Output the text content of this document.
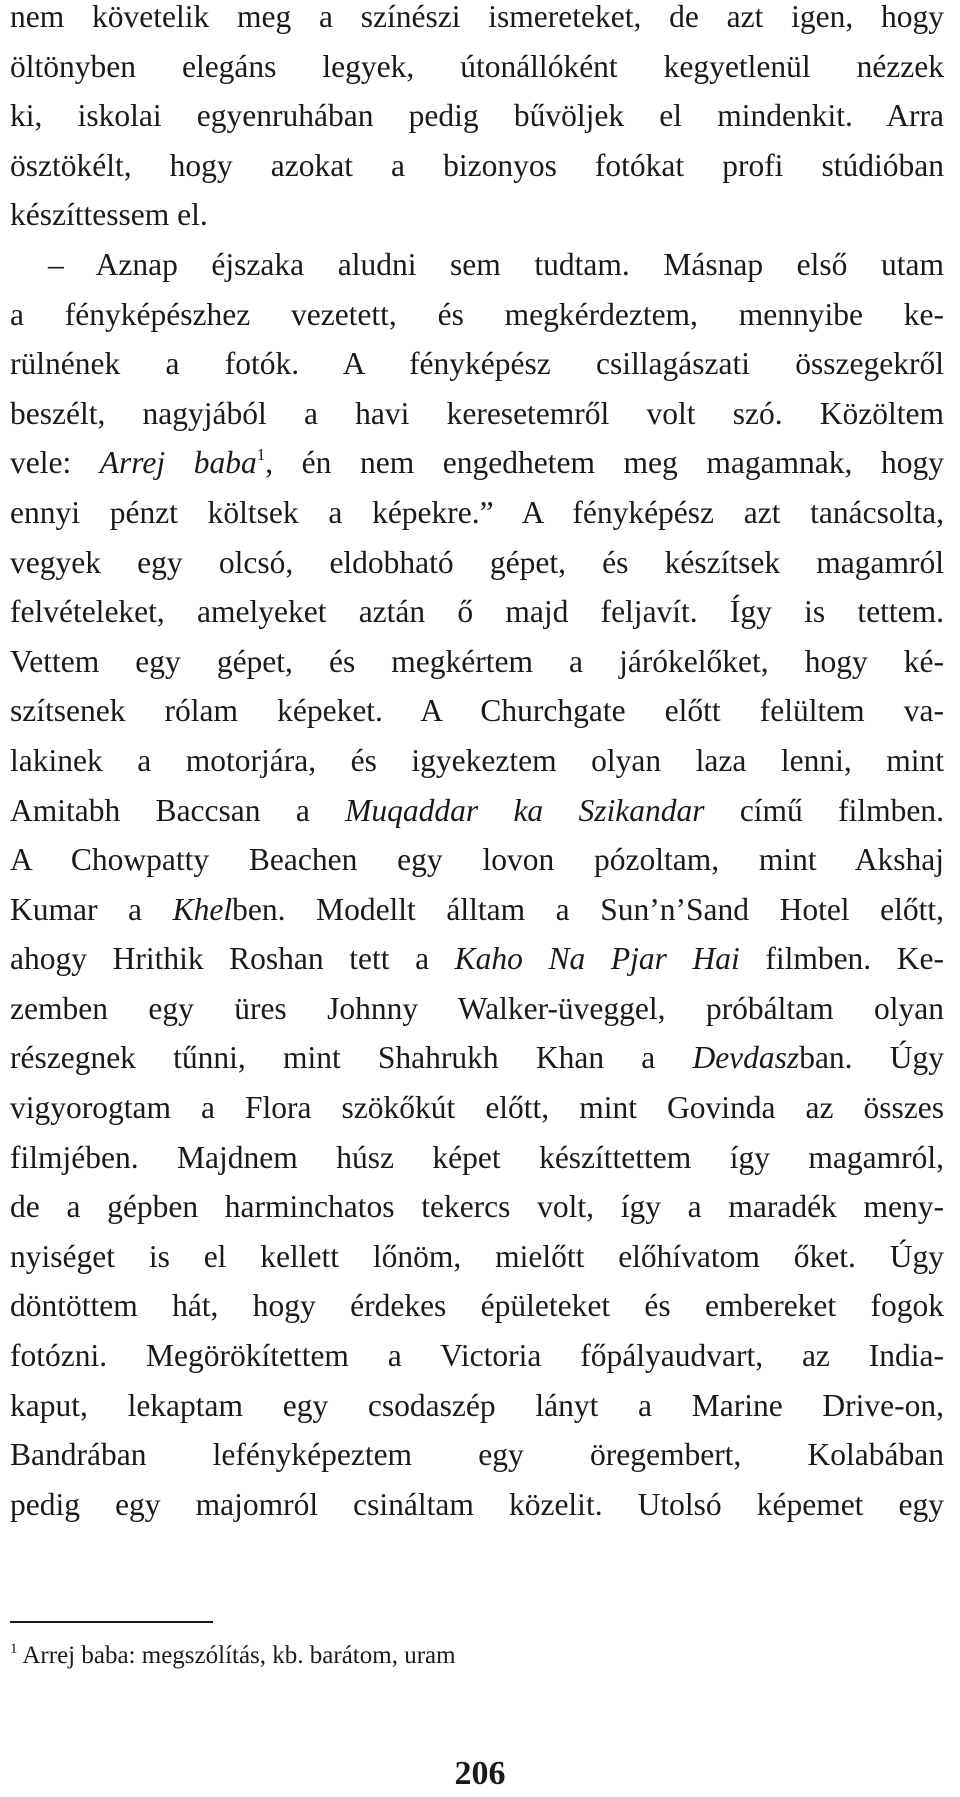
nem követelik meg a színészi ismereteket, de azt igen, hogy
öltönyben elegáns legyek, útonállóként kegyetlenül nézzek
ki, iskolai egyenruhában pedig bűvöljek el mindenkit. Arra
ösztökélt, hogy azokat a bizonyos fotókat profi stúdióban
készíttessem el.
– Aznap éjszaka aludni sem tudtam. Másnap első utam
a fényképészhez vezetett, és megkérdeztem, mennyibe ke-
rülnének a fotók. A fényképész csillagászati összegekről
beszélt, nagyjából a havi keresetemről volt szó. Közöltem
vele: Arrej baba$^1$, én nem engedhetem meg magamnak, hogy
ennyi pénzt költsek a képekre.” A fényképész azt tanácsolta,
vegyek egy olcsó, eldobható gépet, és készítsek magamról
felvételeket, amelyeket aztán ő majd feljavít. Így is tettem.
Vettem egy gépet, és megkértem a járókelőket, hogy ké-
szítsenek rólam képeket. A Churchgate előtt felültem va-
lakinek a motorjára, és igyekeztem olyan laza lenni, mint
Amitabh Baccsan a Muqaddar ka Szikandar című filmben.
A Chowpatty Beachen egy lovon pózoltam, mint Akshaj
Kumar a Khelben. Modellt álltam a Sun’n’Sand Hotel előtt,
ahogy Hrithik Roshan tett a Kaho Na Pjar Hai filmben. Ke-
zemben egy üres Johnny Walker-üveggel, próbáltam olyan
részegnek tűnni, mint Shahrukh Khan a Devdaszban. Úgy
vigyorogtam a Flora szökőkút előtt, mint Govinda az összes
filmjében. Majdnem húsz képet készíttettem így magamról,
de a gépben harminchatos tekercs volt, így a maradék meny-
nyiséget is el kellett lőnöm, mielőtt előhívatom őket. Úgy
döntöttem hát, hogy érdekes épületeket és embereket fogok
fotózni. Megörökítettem a Victoria főpályaudvart, az India-
kaput, lekaptam egy csodaszép lányt a Marine Drive-on,
Bandrában lefényképeztem egy öregembert, Kolabában
pedig egy majomról csináltam közelit. Utolsó képemet egy
$^1$ Arrej baba: megszólítás, kb. barátom, uram
206
